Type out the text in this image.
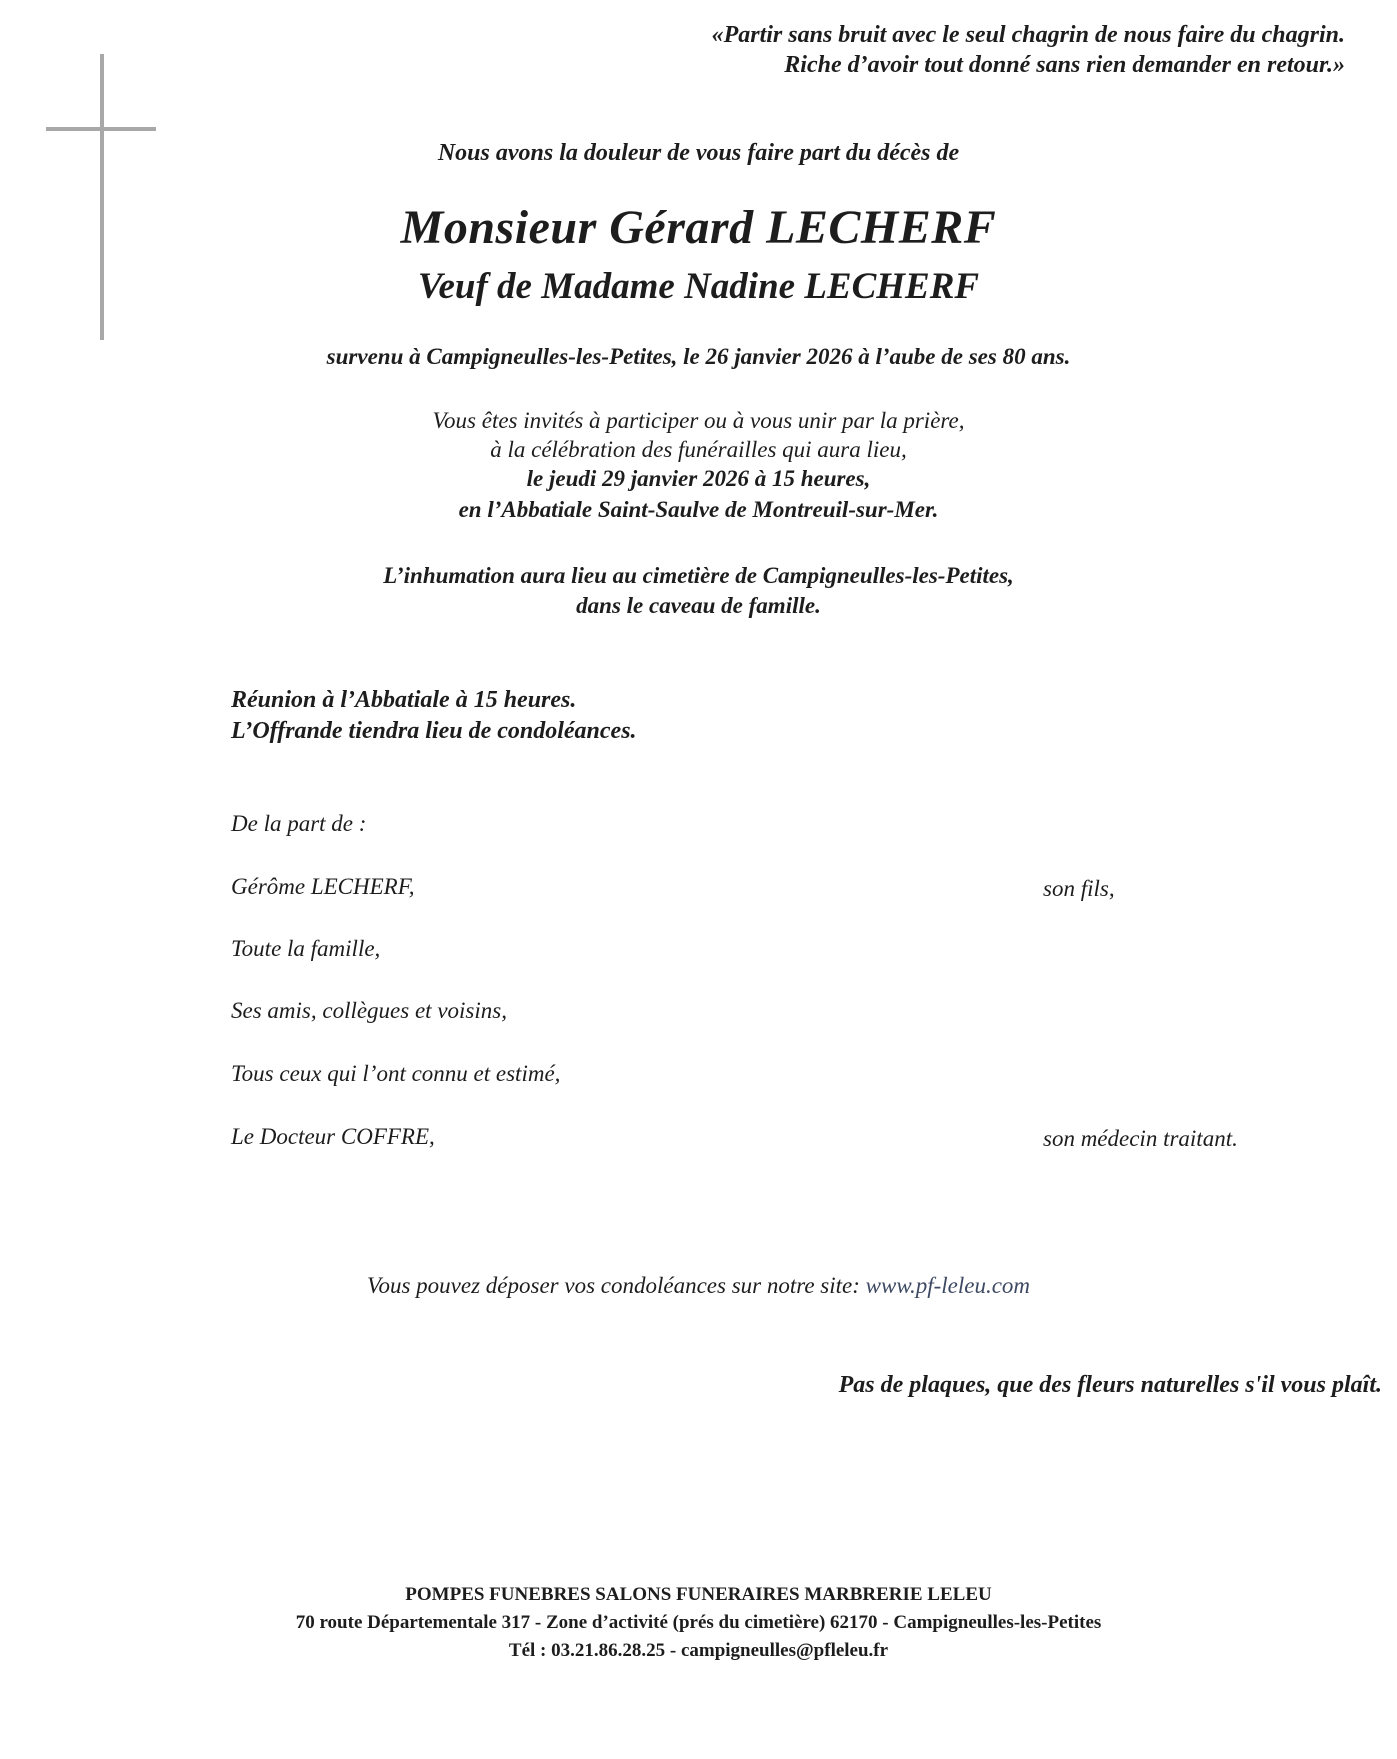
«Partir sans bruit avec le seul chagrin de nous faire du chagrin.
Riche d’avoir tout donné sans rien demander en retour.»
Nous avons la douleur de vous faire part du décès de
Monsieur Gérard LECHERF
Veuf de Madame Nadine LECHERF
survenu à Campigneulles-les-Petites, le 26 janvier 2026 à l’aube de ses 80 ans.
Vous êtes invités à participer ou à vous unir par la prière,
à la célébration des funérailles qui aura lieu,
le jeudi 29 janvier 2026 à 15 heures,
en l’Abbatiale Saint-Saulve de Montreuil-sur-Mer.
L’inhumation aura lieu au cimetière de Campigneulles-les-Petites,
dans le caveau de famille.
Réunion à l’Abbatiale à 15 heures.
L’Offrande tiendra lieu de condoléances.
De la part de :
Gérôme LECHERF,	son fils,
Toute la famille,
Ses amis, collègues et voisins,
Tous ceux qui l’ont connu et estimé,
Le Docteur COFFRE,	son médecin traitant.
Vous pouvez déposer vos condoléances sur notre site: www.pf-leleu.com
Pas de plaques, que des fleurs naturelles s'il vous plaît.
POMPES FUNEBRES SALONS FUNERAIRES MARBRERIE LELEU
70 route Départementale 317 - Zone d’activité (prés du cimetière) 62170 - Campigneulles-les-Petites
Tél : 03.21.86.28.25 - campigneulles@pfleleu.fr
